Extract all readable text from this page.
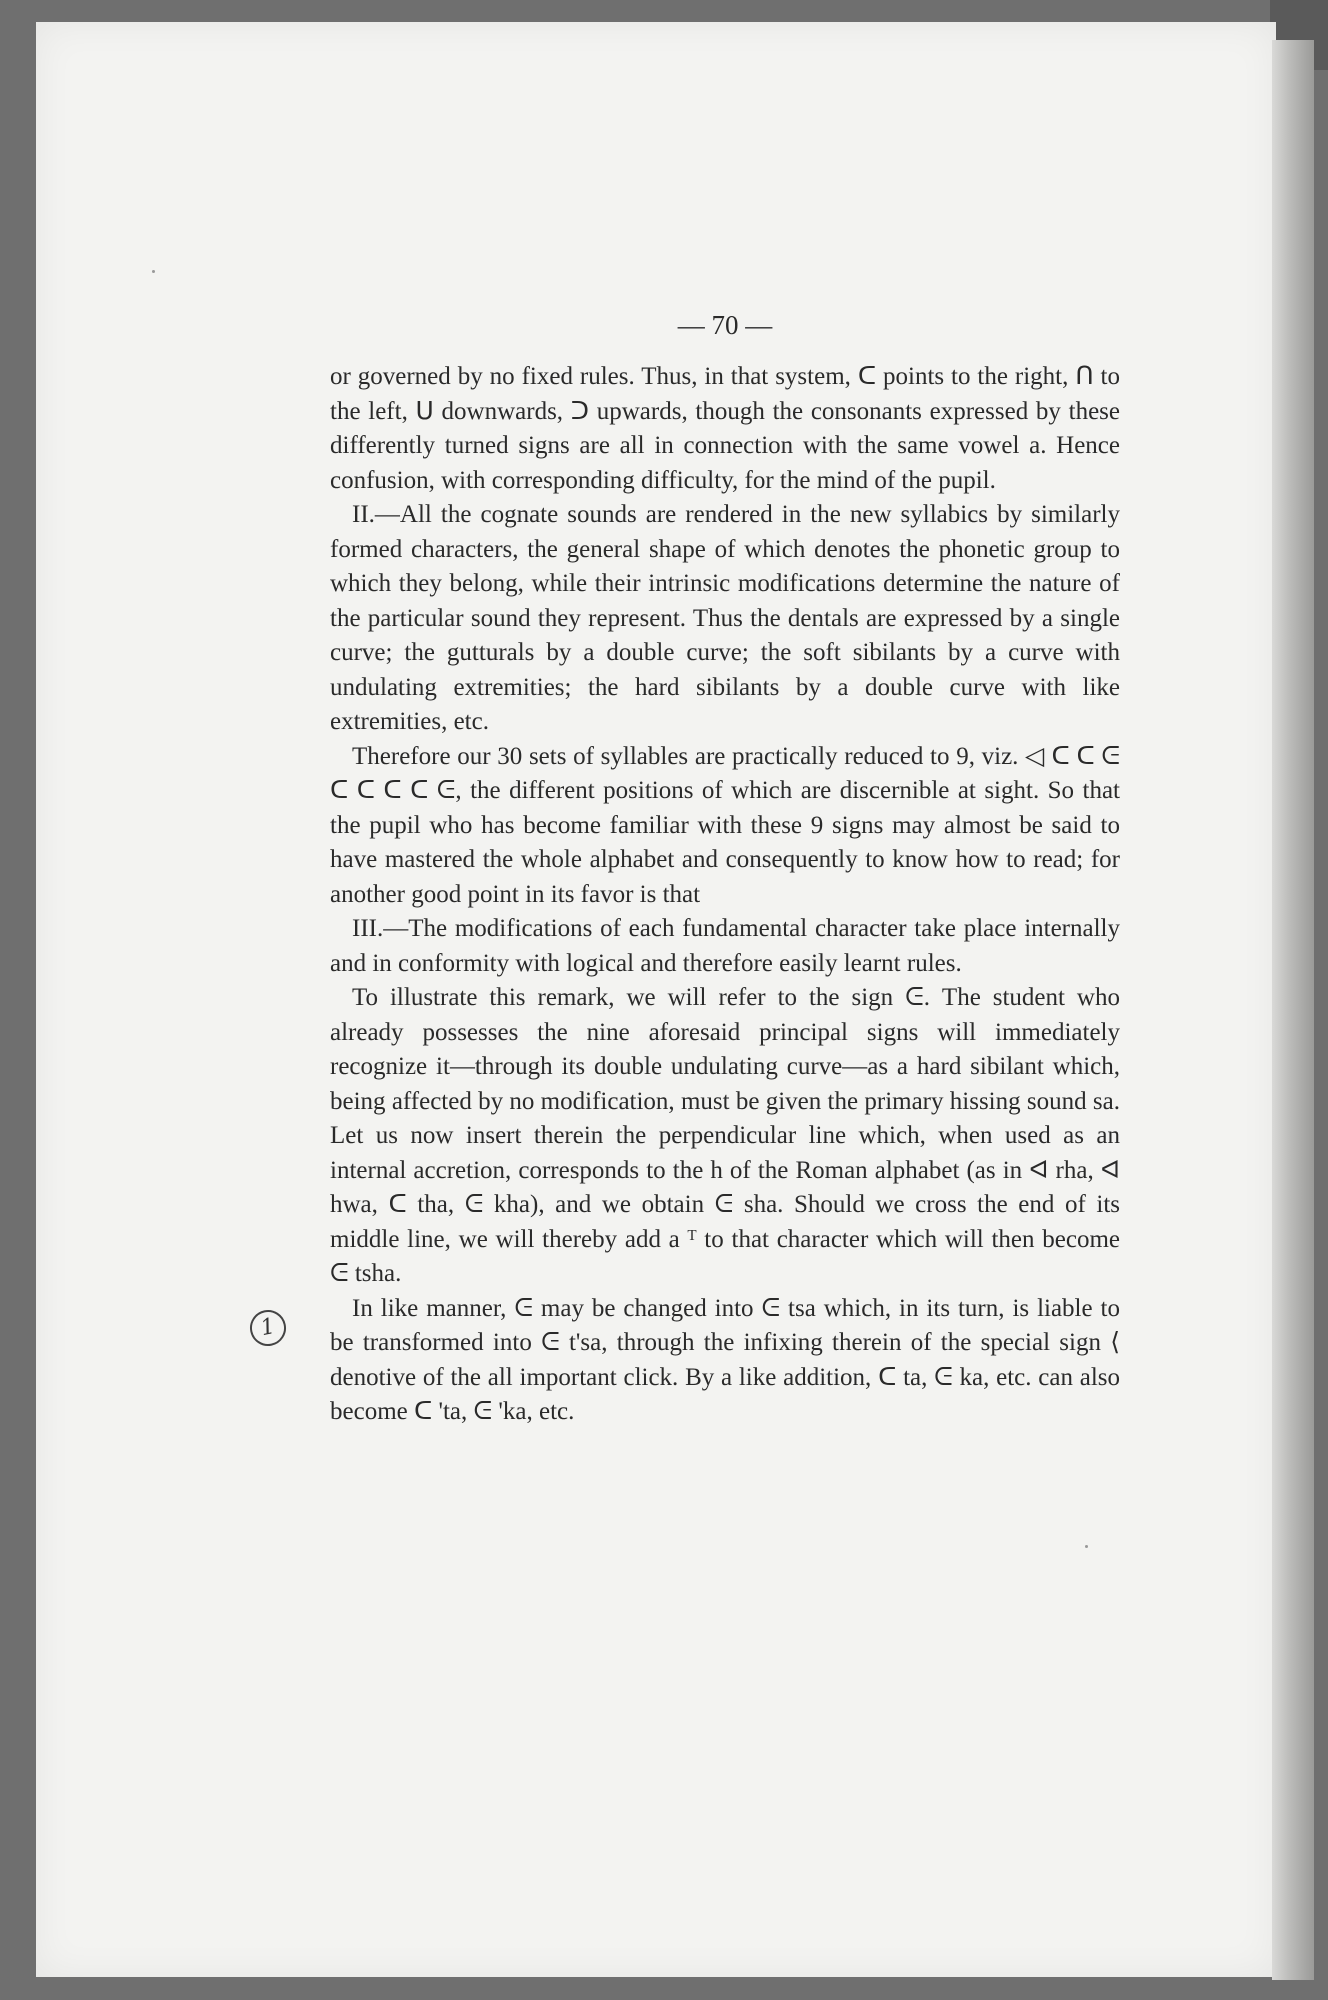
1
— 70 —

or governed by no fixed rules. Thus, in that system, ᑕ points to the right, ᑎ to the left, ᑌ downwards, ᑐ upwards, though the consonants expressed by these differently turned signs are all in connection with the same vowel a. Hence confusion, with corresponding difficulty, for the mind of the pupil.

II.—All the cognate sounds are rendered in the new syllabics by similarly formed characters, the general shape of which denotes the phonetic group to which they belong, while their intrinsic modifications determine the nature of the particular sound they represent. Thus the dentals are expressed by a single curve; the gutturals by a double curve; the soft sibilants by a curve with undulating extremities; the hard sibilants by a double curve with like extremities, etc.

Therefore our 30 sets of syllables are practically reduced to 9, viz. ◁ ᑕ ᑕ ᕮ ᑕ ᑕ ᑕ ᑕ ᕮ, the different positions of which are discernible at sight. So that the pupil who has become familiar with these 9 signs may almost be said to have mastered the whole alphabet and consequently to know how to read; for another good point in its favor is that

III.—The modifications of each fundamental character take place internally and in conformity with logical and therefore easily learnt rules.

To illustrate this remark, we will refer to the sign ᕮ. The student who already possesses the nine aforesaid principal signs will immediately recognize it—through its double undulating curve—as a hard sibilant which, being affected by no modification, must be given the primary hissing sound sa. Let us now insert therein the perpendicular line which, when used as an internal accretion, corresponds to the h of the Roman alphabet (as in ᐊ rha, ᐊ hwa, ᑕ tha, ᕮ kha), and we obtain ᕮ sha. Should we cross the end of its middle line, we will thereby add a ᵀ to that character which will then become ᕮ tsha.

In like manner, ᕮ may be changed into ᕮ tsa which, in its turn, is liable to be transformed into ᕮ t'sa, through the infixing therein of the special sign ⟨ denotive of the all important click. By a like addition, ᑕ ta, ᕮ ka, etc. can also become ᑕ 'ta, ᕮ 'ka, etc.
